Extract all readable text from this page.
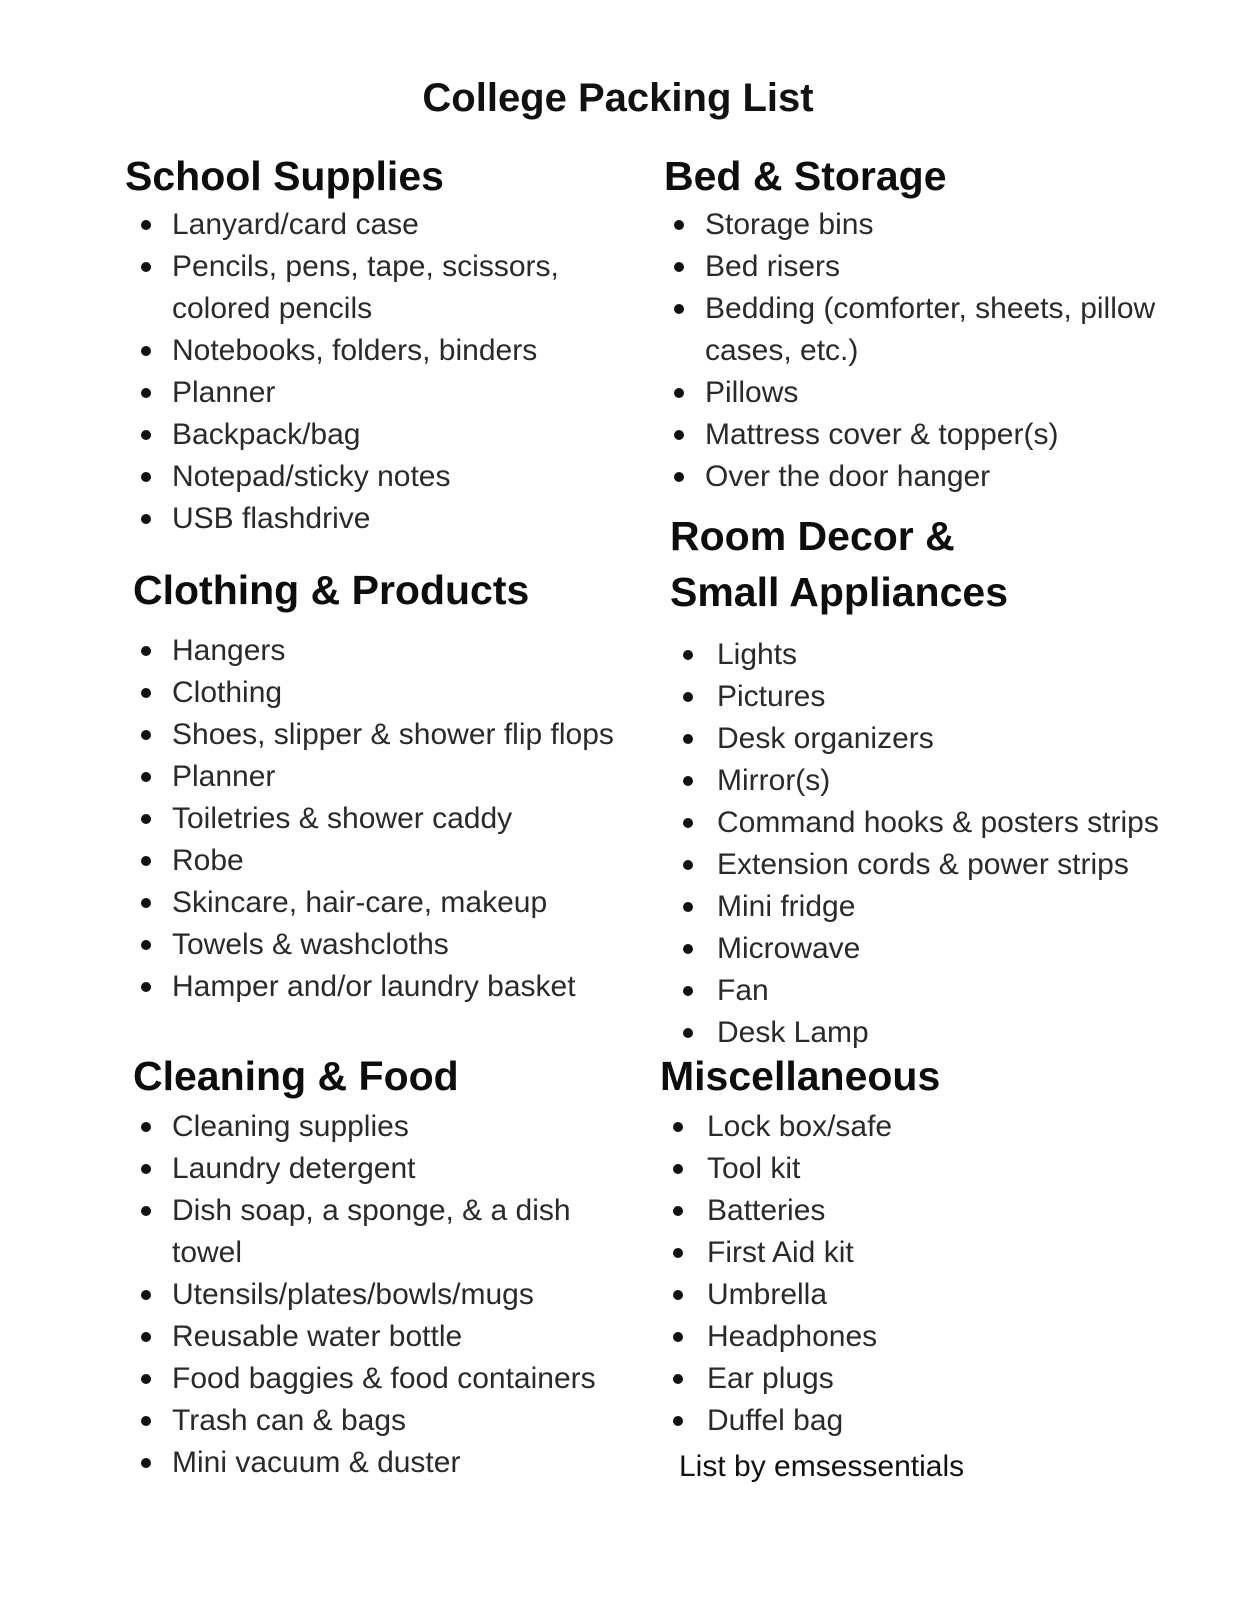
College Packing List
School Supplies
Lanyard/card case
Pencils, pens, tape, scissors, colored pencils
Notebooks, folders, binders
Planner
Backpack/bag
Notepad/sticky notes
USB flashdrive
Bed & Storage
Storage bins
Bed risers
Bedding (comforter, sheets, pillow cases, etc.)
Pillows
Mattress cover & topper(s)
Over the door hanger
Clothing & Products
Hangers
Clothing
Shoes, slipper & shower flip flops
Planner
Toiletries & shower caddy
Robe
Skincare, hair-care, makeup
Towels & washcloths
Hamper and/or laundry basket
Room Decor &
Small Appliances
Lights
Pictures
Desk organizers
Mirror(s)
Command hooks & posters strips
Extension cords & power strips
Mini fridge
Microwave
Fan
Desk Lamp
Cleaning & Food
Cleaning supplies
Laundry detergent
Dish soap, a sponge, & a dish towel
Utensils/plates/bowls/mugs
Reusable water bottle
Food baggies & food containers
Trash can & bags
Mini vacuum & duster
Miscellaneous
Lock box/safe
Tool kit
Batteries
First Aid kit
Umbrella
Headphones
Ear plugs
Duffel bag
List by emsessentials
